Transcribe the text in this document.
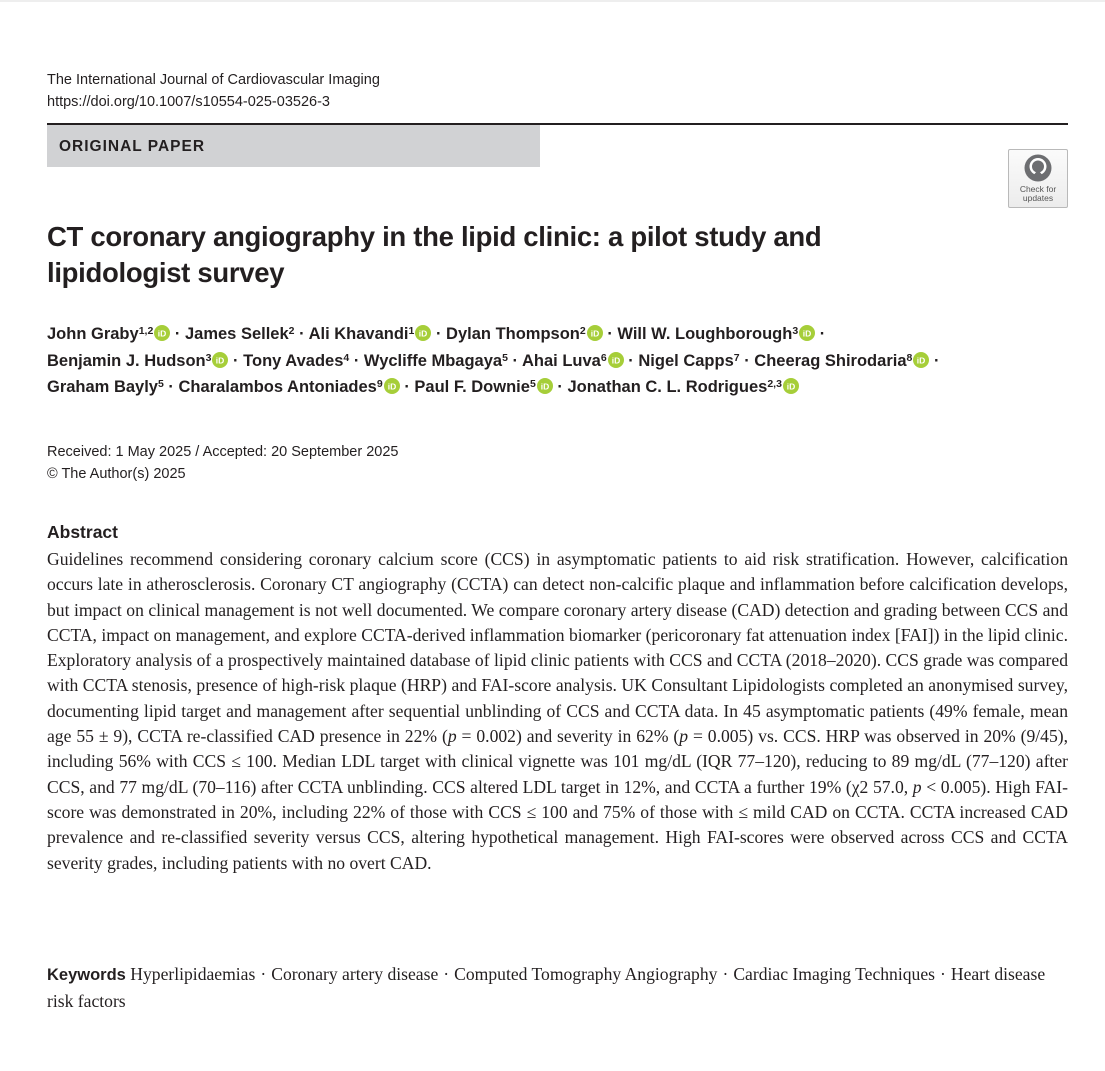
The International Journal of Cardiovascular Imaging
https://doi.org/10.1007/s10554-025-03526-3
ORIGINAL PAPER
Check for
updates
CT coronary angiography in the lipid clinic: a pilot study and
lipidologist survey
John Graby$^{1,2}$ iD · James Sellek$^2$ · Ali Khavandi$^1$ iD · Dylan Thompson$^2$ iD · Will W. Loughborough$^3$ iD ·
Benjamin J. Hudson$^3$ iD · Tony Avades$^4$ · Wycliffe Mbagaya$^5$ · Ahai Luva$^6$ iD · Nigel Capps$^7$ · Cheerag Shirodaria$^8$ iD ·
Graham Bayly$^5$ · Charalambos Antoniades$^9$ iD · Paul F. Downie$^5$ iD · Jonathan C. L. Rodrigues$^{2,3}$ iD
Received: 1 May 2025 / Accepted: 20 September 2025
© The Author(s) 2025
Abstract
Guidelines recommend considering coronary calcium score (CCS) in asymptomatic patients to aid risk stratification. However, calcification occurs late in atherosclerosis. Coronary CT angiography (CCTA) can detect non-calcific plaque and inflammation before calcification develops, but impact on clinical management is not well documented. We compare coronary artery disease (CAD) detection and grading between CCS and CCTA, impact on management, and explore CCTA-derived inflammation biomarker (pericoronary fat attenuation index [FAI]) in the lipid clinic. Exploratory analysis of a prospectively maintained database of lipid clinic patients with CCS and CCTA (2018–2020). CCS grade was compared with CCTA stenosis, presence of high-risk plaque (HRP) and FAI-score analysis. UK Consultant Lipidologists completed an anonymised survey, documenting lipid target and management after sequential unblinding of CCS and CCTA data. In 45 asymptomatic patients (49% female, mean age 55 ± 9), CCTA re-classified CAD presence in 22% (p = 0.002) and severity in 62% (p = 0.005) vs. CCS. HRP was observed in 20% (9/45), including 56% with CCS ≤ 100. Median LDL target with clinical vignette was 101 mg/dL (IQR 77–120), reducing to 89 mg/dL (77–120) after CCS, and 77 mg/dL (70–116) after CCTA unblinding. CCS altered LDL target in 12%, and CCTA a further 19% (χ2 57.0, p < 0.005). High FAI-score was demonstrated in 20%, including 22% of those with CCS ≤ 100 and 75% of those with ≤ mild CAD on CCTA. CCTA increased CAD prevalence and re-classified severity versus CCS, altering hypothetical management. High FAI-scores were observed across CCS and CCTA severity grades, including patients with no overt CAD.
Keywords Hyperlipidaemias · Coronary artery disease · Computed Tomography Angiography · Cardiac Imaging Techniques · Heart disease risk factors
